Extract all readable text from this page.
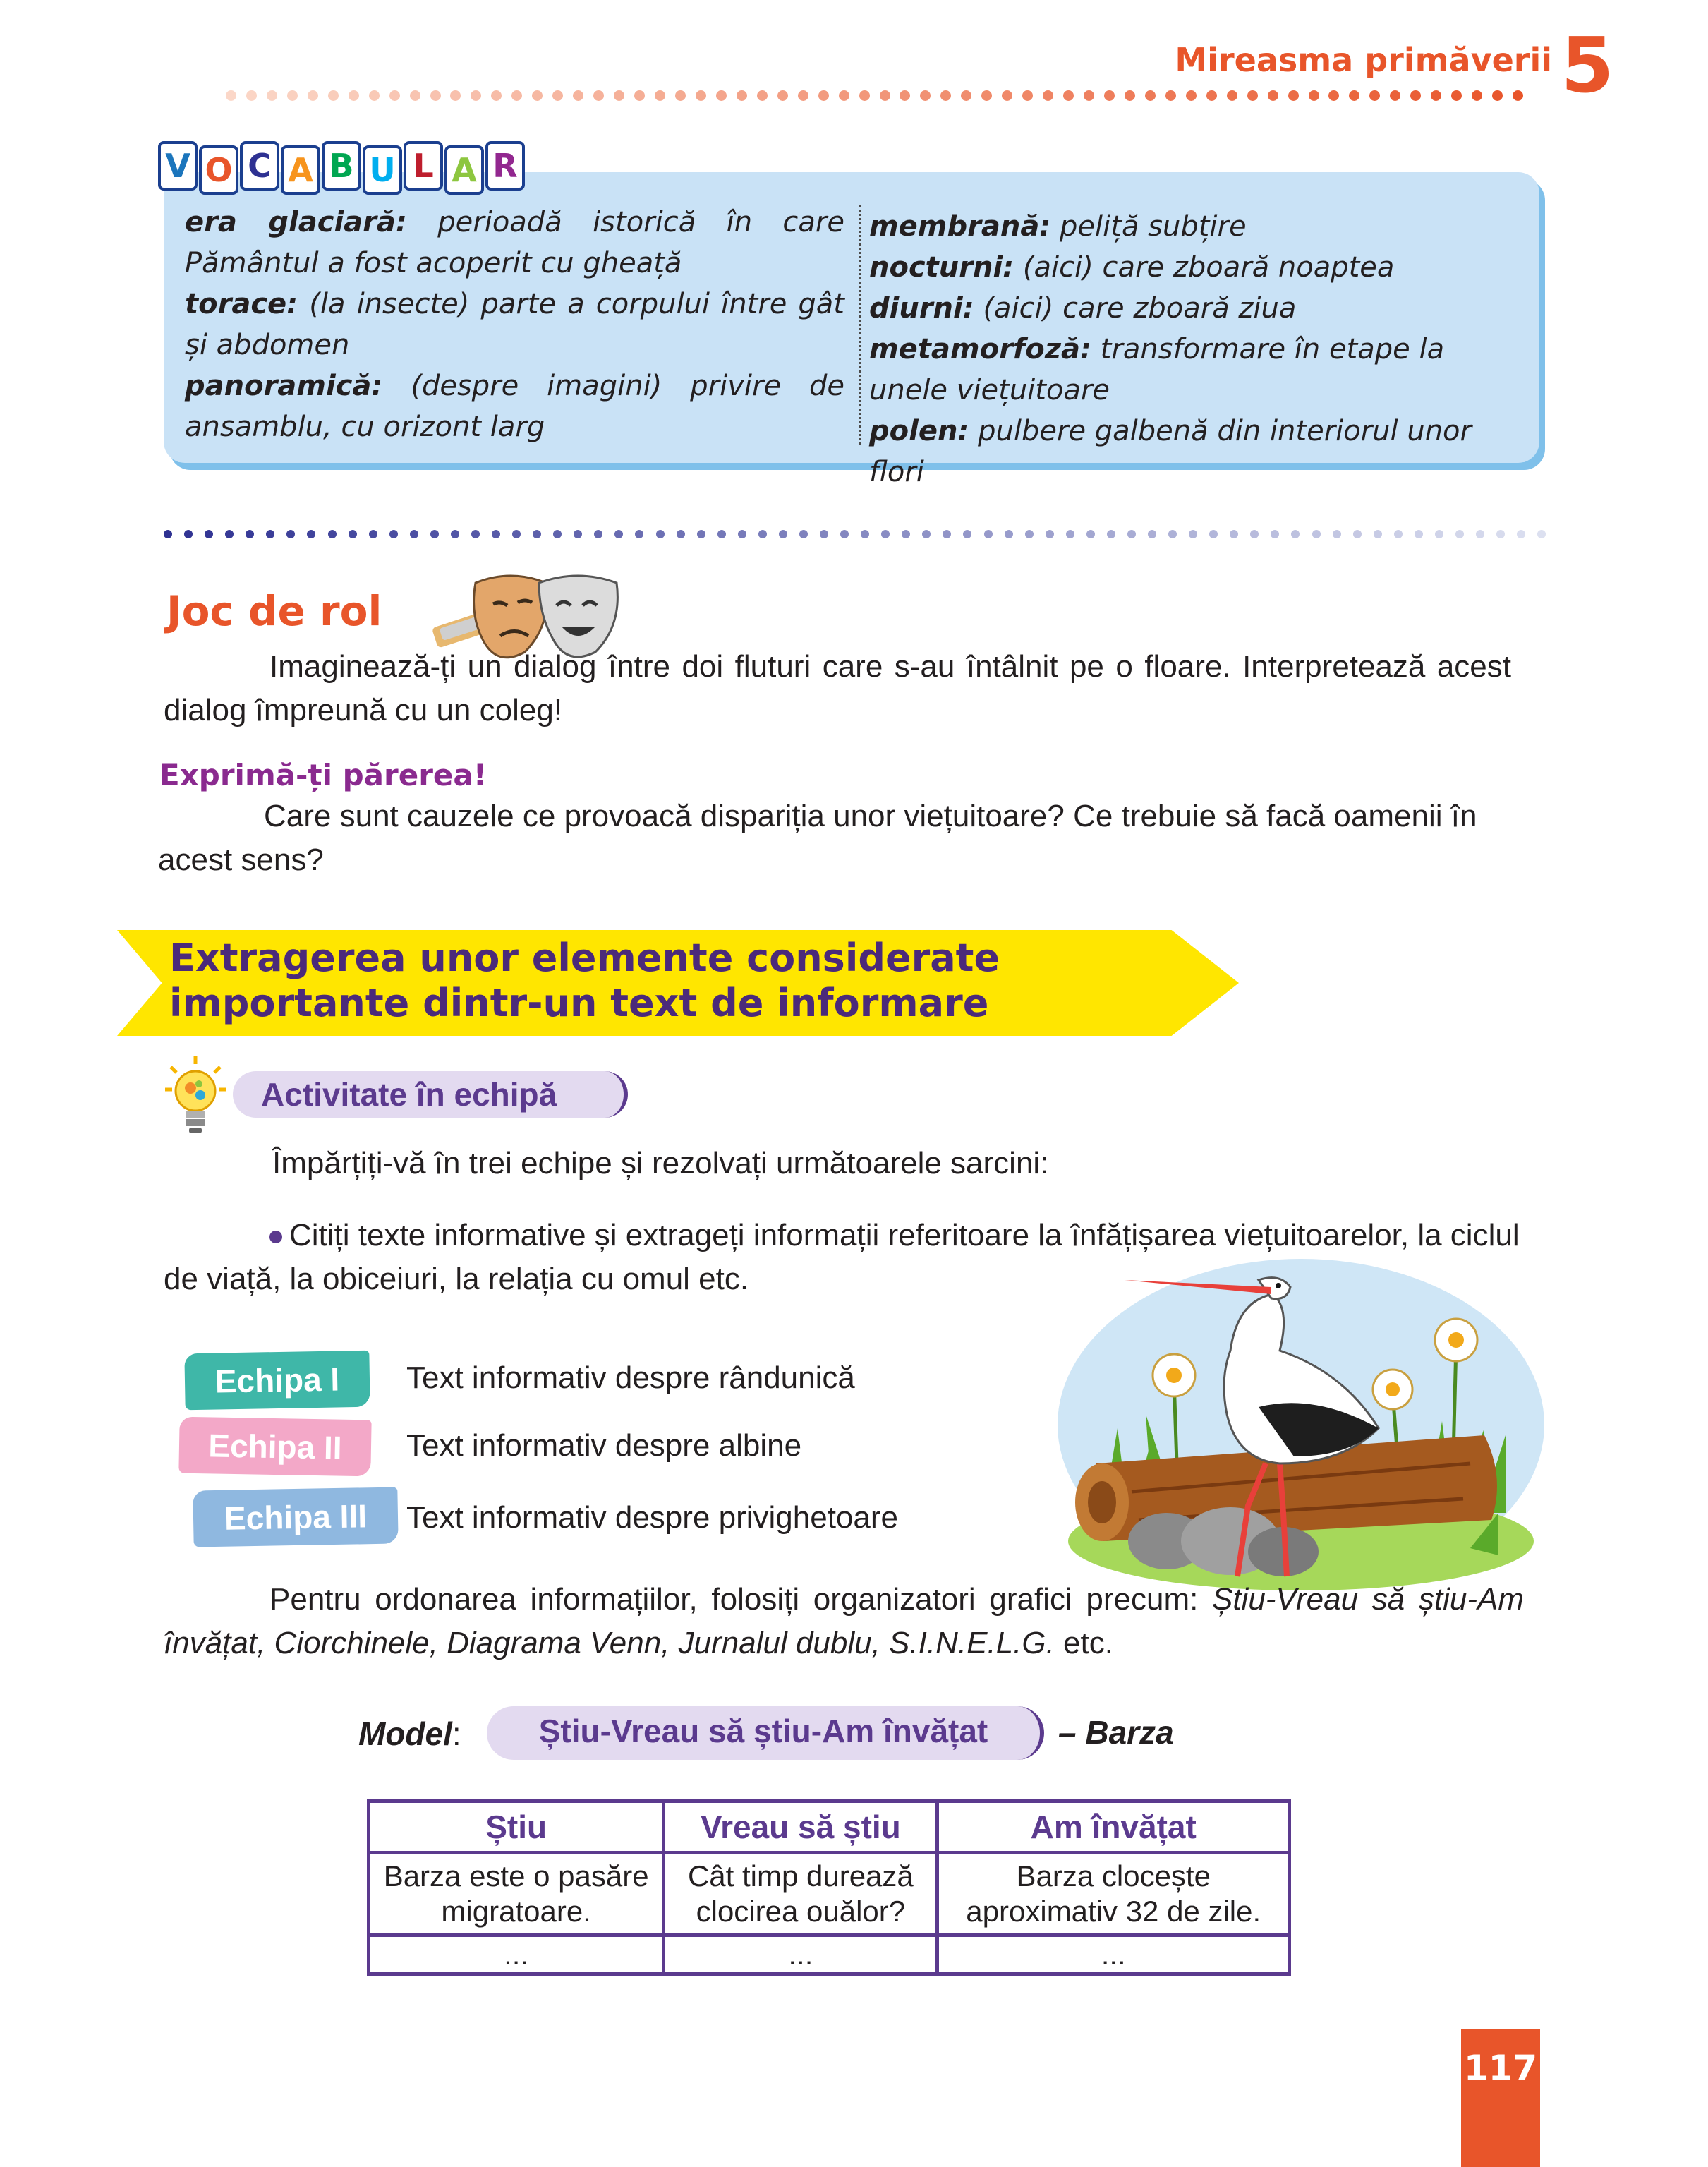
Mireasma primăverii 5
V O C A B U L A R

era glaciară: perioadă istorică în care Pământul a fost acoperit cu gheață

torace: (la insecte) parte a corpului între gât și abdomen

panoramică: (despre imagini) privire de ansamblu, cu orizont larg

membrană: peliță subțire

nocturni: (aici) care zboară noaptea

diurni: (aici) care zboară ziua

metamorfoză: transformare în etape la unele viețuitoare

polen: pulbere galbenă din interiorul unor flori

Joc de rol
Imaginează-ți un dialog între doi fluturi care s-au întâlnit pe o floare. Interpretează acest dialog împreună cu un coleg!
Exprimă-ți părerea!
Care sunt cauzele ce provoacă dispariția unor viețuitoare? Ce trebuie să facă oamenii în acest sens?
Extragerea unor elemente considerate importante dintr-un text de informare
Activitate în echipă
Împărțiți-vă în trei echipe și rezolvați următoarele sarcini:
Citiți texte informative și extrageți informații referitoare la înfățișarea viețuitoarelor, la ciclul de viață, la obiceiuri, la relația cu omul etc.
Echipa I	Text informativ despre rândunică
Echipa II	Text informativ despre albine
Echipa III	Text informativ despre privighetoare
Pentru ordonarea informațiilor, folosiți organizatori grafici precum: Știu-Vreau să știu-Am învățat, Ciorchinele, Diagrama Venn, Jurnalul dublu, S.I.N.E.L.G. etc.
Model:	Știu-Vreau să știu-Am învățat	– Barza
Știu	Vreau să știu	Am învățat
Barza este o pasăre migratoare.	Cât timp durează clocirea ouălor?	Barza clocește aproximativ 32 de zile.
...	...	...
117
